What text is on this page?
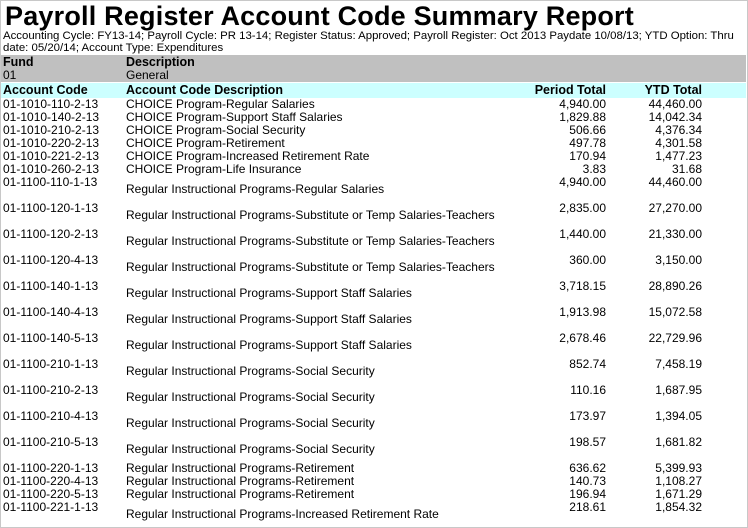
Payroll Register Account Code Summary Report
Accounting Cycle: FY13-14; Payroll Cycle: PR 13-14; Register Status: Approved; Payroll Register: Oct 2013 Paydate 10/08/13; YTD Option: Thru date: 05/20/14; Account Type: Expenditures
Fund	Description
01	General
Account Code	Account Code Description	Period Total	YTD Total
01-1010-110-2-13 CHOICE Program-Regular Salaries	4,940.00	44,460.00
01-1010-140-2-13 CHOICE Program-Support Staff Salaries	1,829.88	14,042.34
01-1010-210-2-13 CHOICE Program-Social Security	506.66	4,376.34
01-1010-220-2-13 CHOICE Program-Retirement	497.78	4,301.58
01-1010-221-2-13 CHOICE Program-Increased Retirement Rate	170.94	1,477.23
01-1010-260-2-13 CHOICE Program-Life Insurance	3.83	31.68
01-1100-110-1-13 Regular Instructional Programs-Regular Salaries	4,940.00	44,460.00
01-1100-120-1-13 Regular Instructional Programs-Substitute or Temp Salaries-Teachers	2,835.00	27,270.00
01-1100-120-2-13 Regular Instructional Programs-Substitute or Temp Salaries-Teachers	1,440.00	21,330.00
01-1100-120-4-13 Regular Instructional Programs-Substitute or Temp Salaries-Teachers	360.00	3,150.00
01-1100-140-1-13 Regular Instructional Programs-Support Staff Salaries	3,718.15	28,890.26
01-1100-140-4-13 Regular Instructional Programs-Support Staff Salaries	1,913.98	15,072.58
01-1100-140-5-13 Regular Instructional Programs-Support Staff Salaries	2,678.46	22,729.96
01-1100-210-1-13 Regular Instructional Programs-Social Security	852.74	7,458.19
01-1100-210-2-13 Regular Instructional Programs-Social Security	110.16	1,687.95
01-1100-210-4-13 Regular Instructional Programs-Social Security	173.97	1,394.05
01-1100-210-5-13 Regular Instructional Programs-Social Security	198.57	1,681.82
01-1100-220-1-13 Regular Instructional Programs-Retirement	636.62	5,399.93
01-1100-220-4-13 Regular Instructional Programs-Retirement	140.73	1,108.27
01-1100-220-5-13 Regular Instructional Programs-Retirement	196.94	1,671.29
01-1100-221-1-13 Regular Instructional Programs-Increased Retirement Rate	218.61	1,854.32
